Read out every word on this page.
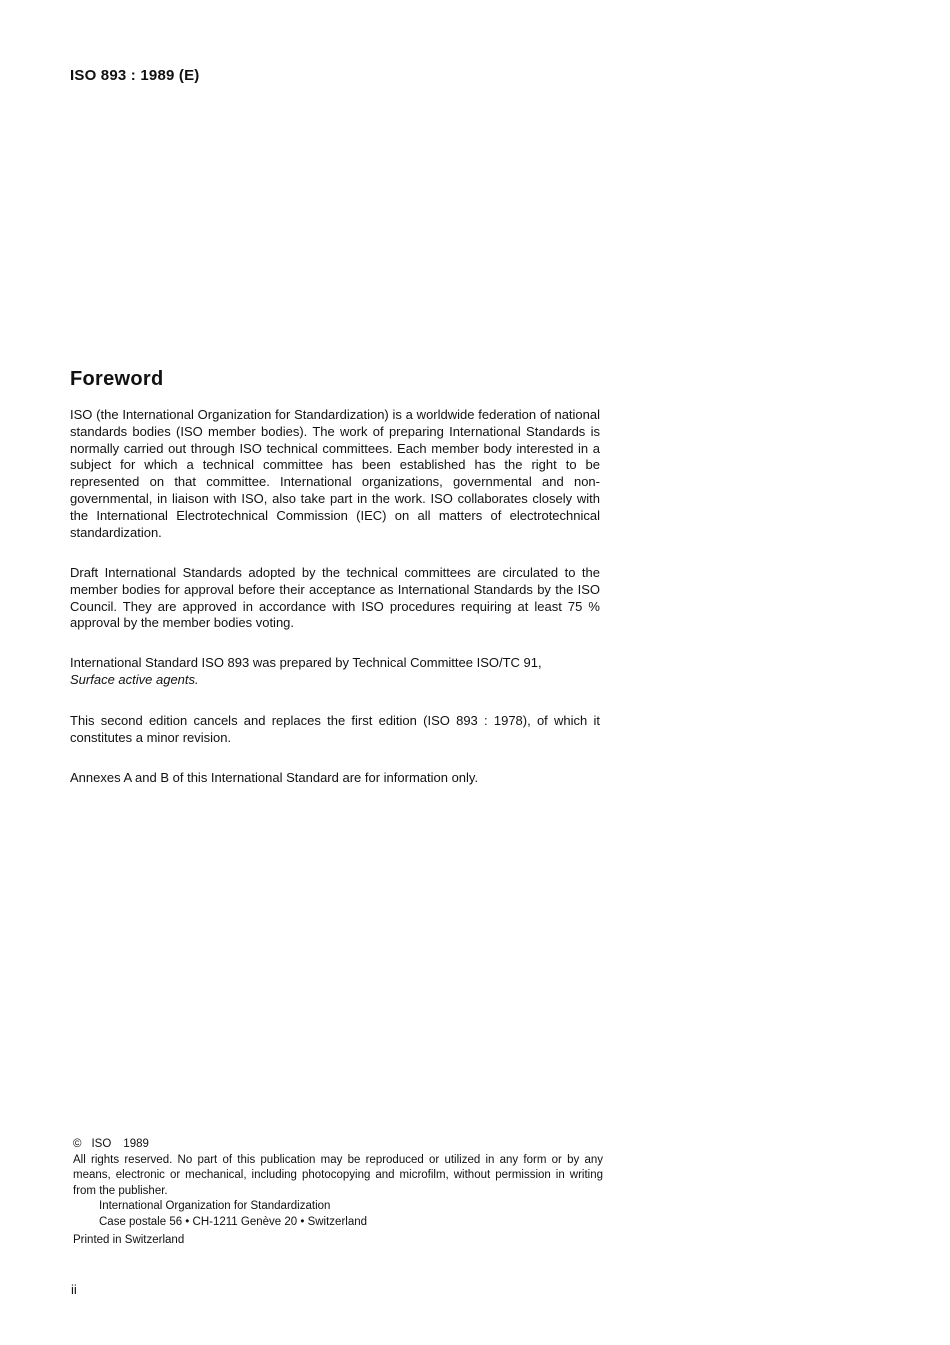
ISO 893 : 1989 (E)
Foreword

ISO (the International Organization for Standardization) is a worldwide federation of national standards bodies (ISO member bodies). The work of preparing International Standards is normally carried out through ISO technical committees. Each member body interested in a subject for which a technical committee has been established has the right to be represented on that committee. International organizations, governmental and non-governmental, in liaison with ISO, also take part in the work. ISO collaborates closely with the International Electrotechnical Commission (IEC) on all matters of electrotechnical standardization.

Draft International Standards adopted by the technical committees are circulated to the member bodies for approval before their acceptance as International Standards by the ISO Council. They are approved in accordance with ISO procedures requiring at least 75 % approval by the member bodies voting.

International Standard ISO 893 was prepared by Technical Committee ISO/TC 91,
Surface active agents.

This second edition cancels and replaces the first edition (ISO 893 : 1978), of which it constitutes a minor revision.

Annexes A and B of this International Standard are for information only.

© ISO 1989
All rights reserved. No part of this publication may be reproduced or utilized in any form or by any means, electronic or mechanical, including photocopying and microfilm, without permission in writing from the publisher.
International Organization for Standardization
Case postale 56 • CH-1211 Genève 20 • Switzerland
Printed in Switzerland
ii
